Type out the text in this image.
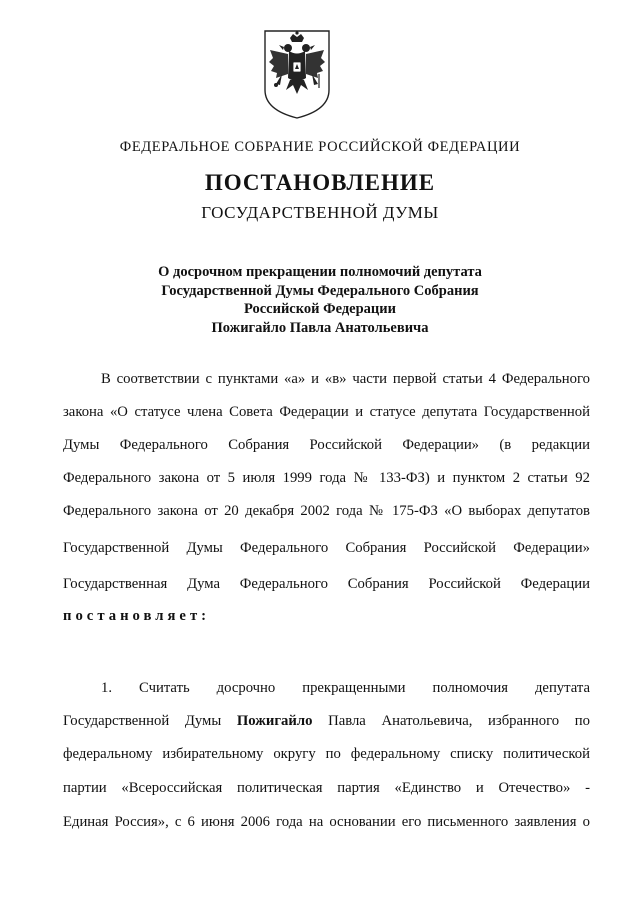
ФЕДЕРАЛЬНОЕ СОБРАНИЕ РОССИЙСКОЙ ФЕДЕРАЦИИ
ПОСТАНОВЛЕНИЕ
ГОСУДАРСТВЕННОЙ ДУМЫ
О досрочном прекращении полномочий депутата
Государственной Думы Федерального Собрания
Российской Федерации
Пожигайло Павла Анатольевича
В соответствии с пунктами «а» и «в» части первой статьи 4 Федерального
закона «О статусе члена Совета Федерации и статусе депутата Государственной
Думы Федерального Собрания Российской Федерации» (в редакции
Федерального закона от 5 июля 1999 года № 133-ФЗ) и пунктом 2 статьи 92
Федерального закона от 20 декабря 2002 года № 175-ФЗ «О выборах депутатов
Государственной Думы Федерального Собрания Российской Федерации»
Государственная Дума Федерального Собрания Российской Федерации
постановляет:
1. Считать досрочно прекращенными полномочия депутата
Государственной Думы Пожигайло Павла Анатольевича, избранного по
федеральному избирательному округу по федеральному списку политической
партии «Всероссийская политическая партия «Единство и Отечество» -
Единая Россия», с 6 июня 2006 года на основании его письменного заявления о
